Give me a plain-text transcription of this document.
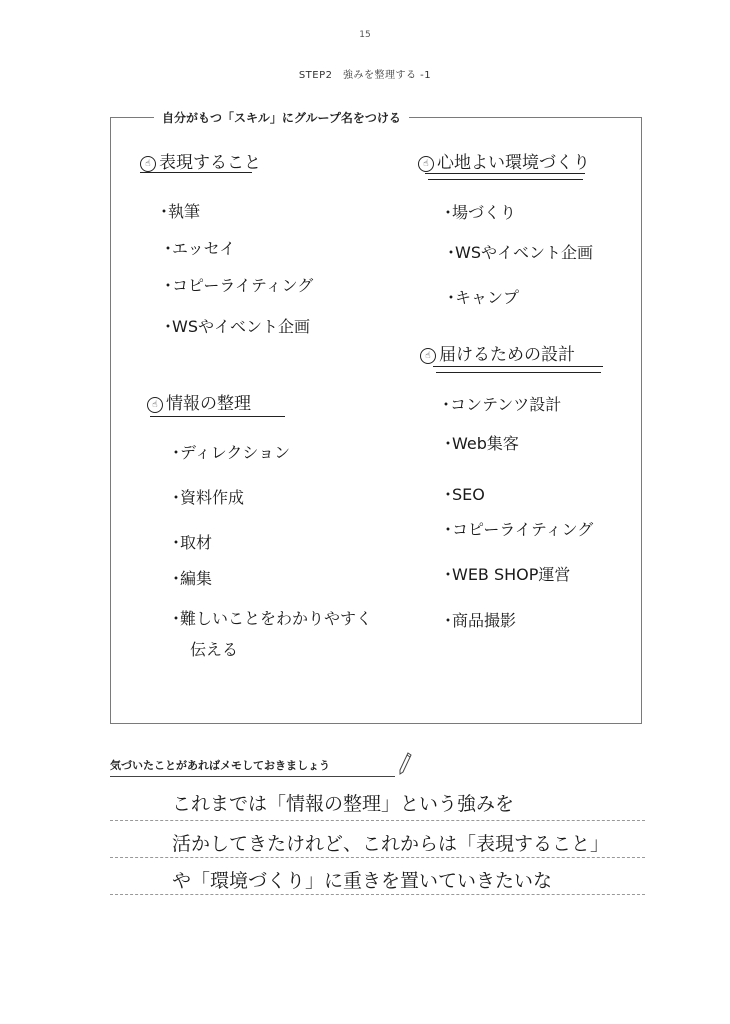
15
STEP2　強みを整理する -1
自分がもつ「スキル」にグループ名をつける
☝ 表現すること
・執筆
・エッセイ
・コピーライティング
・WSやイベント企画
☝ 情報の整理
・ディレクション
・資料作成
・取材
・編集
・難しいことをわかりやすく
伝える
☝ 心地よい環境づくり
・場づくり
・WSやイベント企画
・キャンプ
☝ 届けるための設計
・コンテンツ設計
・Web集客
・SEO
・コピーライティング
・WEB SHOP運営
・商品撮影
気づいたことがあればメモしておきましょう
これまでは「情報の整理」という強みを
活かしてきたけれど、これからは「表現すること」
や「環境づくり」に重きを置いていきたいな
